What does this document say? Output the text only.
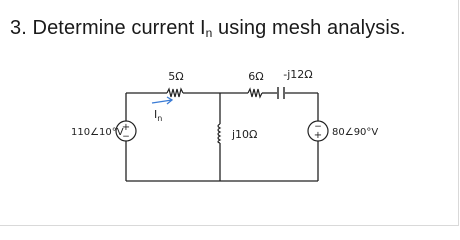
3. Determine current $I_n$ using mesh analysis.
+
−
−
+
5Ω	6Ω -j12Ω
j10Ω
$I_n$
110∠10°V	80∠90°V
